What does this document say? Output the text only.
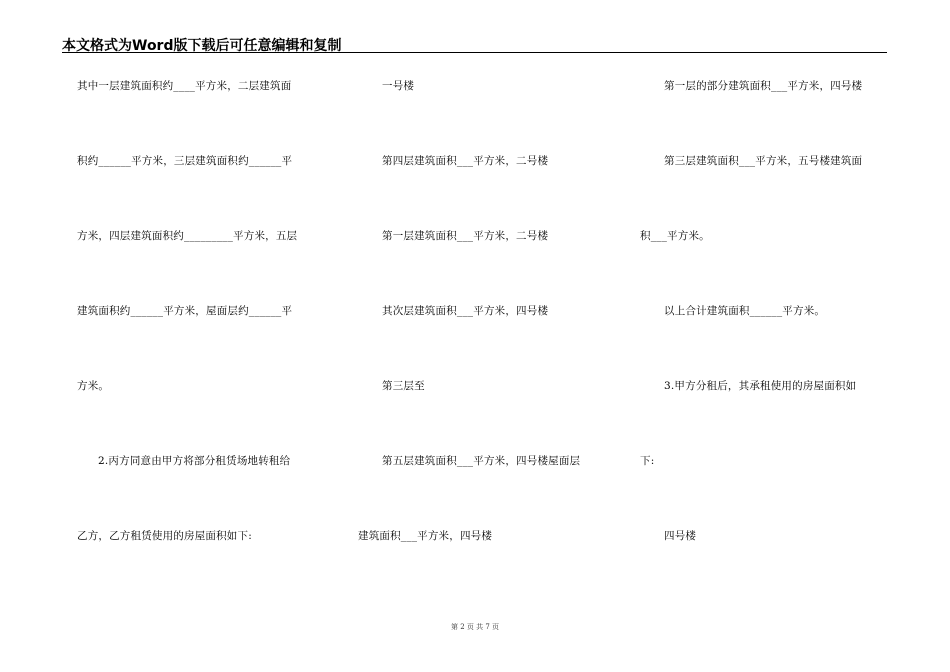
本文格式为Word版下载后可任意编辑和复制
其中一层建筑面积约____平方米，二层建筑面
积约______平方米，三层建筑面积约______平
方米，四层建筑面积约_________平方米，五层
建筑面积约______平方米，屋面层约______平
方米。
2.丙方同意由甲方将部分租赁场地转租给
乙方，乙方租赁使用的房屋面积如下:
一号楼
第四层建筑面积___平方米，二号楼
第一层建筑面积___平方米，二号楼
其次层建筑面积___平方米，四号楼
第三层至
第五层建筑面积___平方米，四号楼屋面层
建筑面积___平方米，四号楼
第一层的部分建筑面积___平方米，四号楼
第三层建筑面积___平方米，五号楼建筑面
积___平方米。
以上合计建筑面积______平方米。
3.甲方分租后，其承租使用的房屋面积如
下:
四号楼
第 2 页 共 7 页
